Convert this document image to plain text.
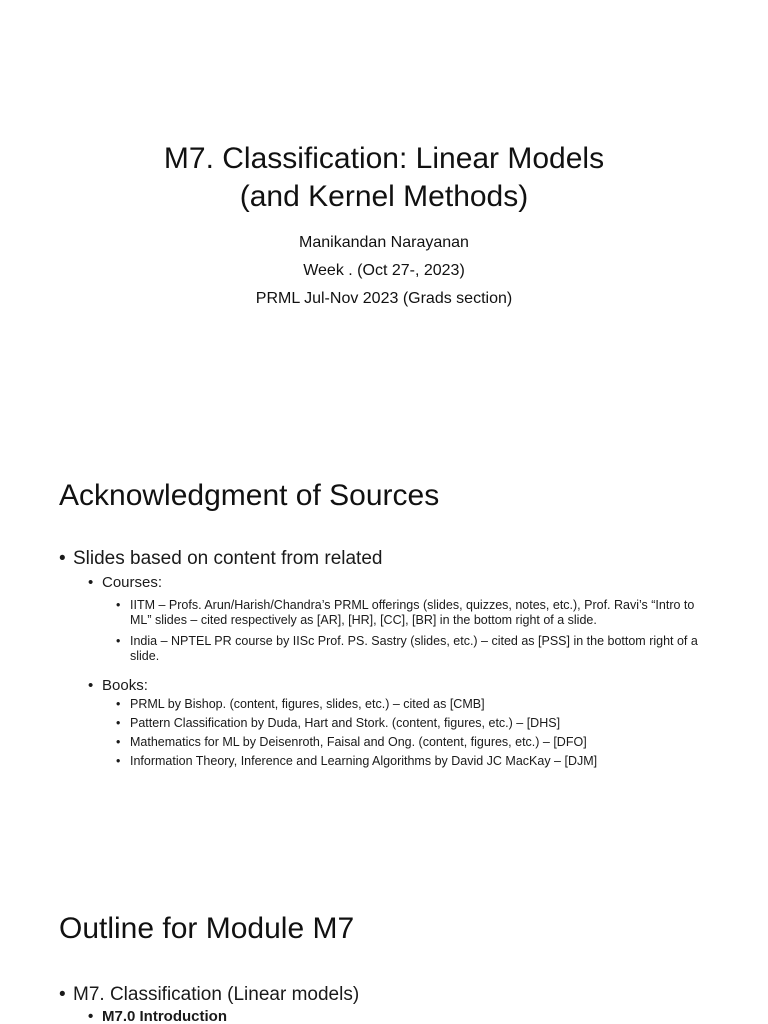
M7. Classification: Linear Models
(and Kernel Methods)

Manikandan Narayanan

Week . (Oct 27-, 2023)

PRML Jul-Nov 2023 (Grads section)

Acknowledgment of Sources
• Slides based on content from related
• Courses:
• IITM – Profs. Arun/Harish/Chandra’s PRML offerings (slides, quizzes, notes, etc.), Prof. Ravi’s “Intro to ML” slides – cited respectively as [AR], [HR], [CC], [BR] in the bottom right of a slide.
• India – NPTEL PR course by IISc Prof. PS. Sastry (slides, etc.) – cited as [PSS] in the bottom right of a slide.
• Books:
• PRML by Bishop. (content, figures, slides, etc.) – cited as [CMB]
• Pattern Classification by Duda, Hart and Stork. (content, figures, etc.) – [DHS]
• Mathematics for ML by Deisenroth, Faisal and Ong. (content, figures, etc.) – [DFO]
• Information Theory, Inference and Learning Algorithms by David JC MacKay – [DJM]
Outline for Module M7
• M7. Classification (Linear models)
• M7.0 Introduction
